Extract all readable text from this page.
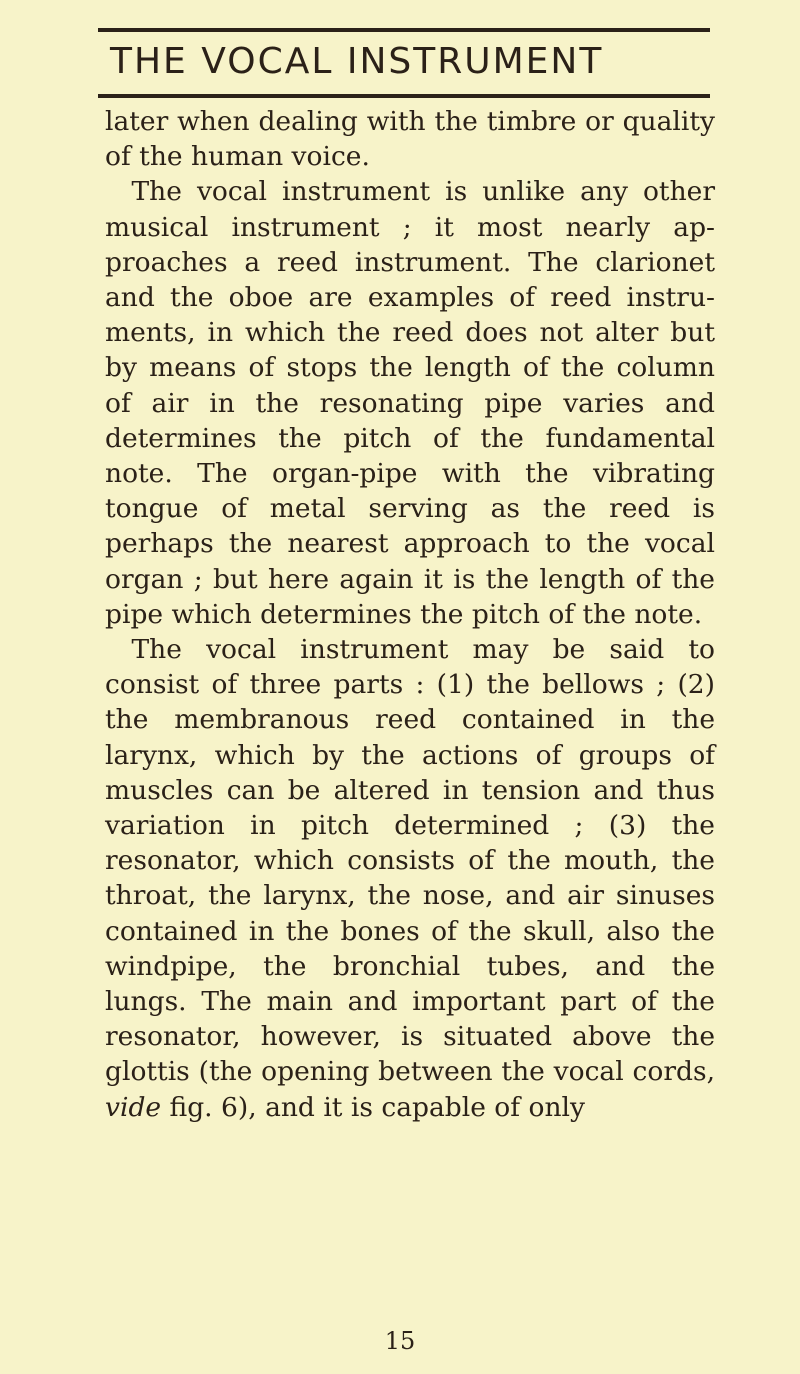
THE VOCAL INSTRUMENT

later when dealing with the timbre or quality of the human voice.

The vocal instrument is unlike any other musical instrument ; it most nearly ap-proaches a reed instrument. The clarionet and the oboe are examples of reed instru-ments, in which the reed does not alter but by means of stops the length of the column of air in the resonating pipe varies and determines the pitch of the fundamental note. The organ-pipe with the vibrating tongue of metal serving as the reed is perhaps the nearest approach to the vocal organ ; but here again it is the length of the pipe which determines the pitch of the note.

The vocal instrument may be said to consist of three parts : (1) the bellows ; (2) the membranous reed contained in the larynx, which by the actions of groups of muscles can be altered in tension and thus variation in pitch determined ; (3) the resonator, which consists of the mouth, the throat, the larynx, the nose, and air sinuses contained in the bones of the skull, also the windpipe, the bronchial tubes, and the lungs. The main and important part of the resonator, however, is situated above the glottis (the opening between the vocal cords, vide fig. 6), and it is capable of only

15
